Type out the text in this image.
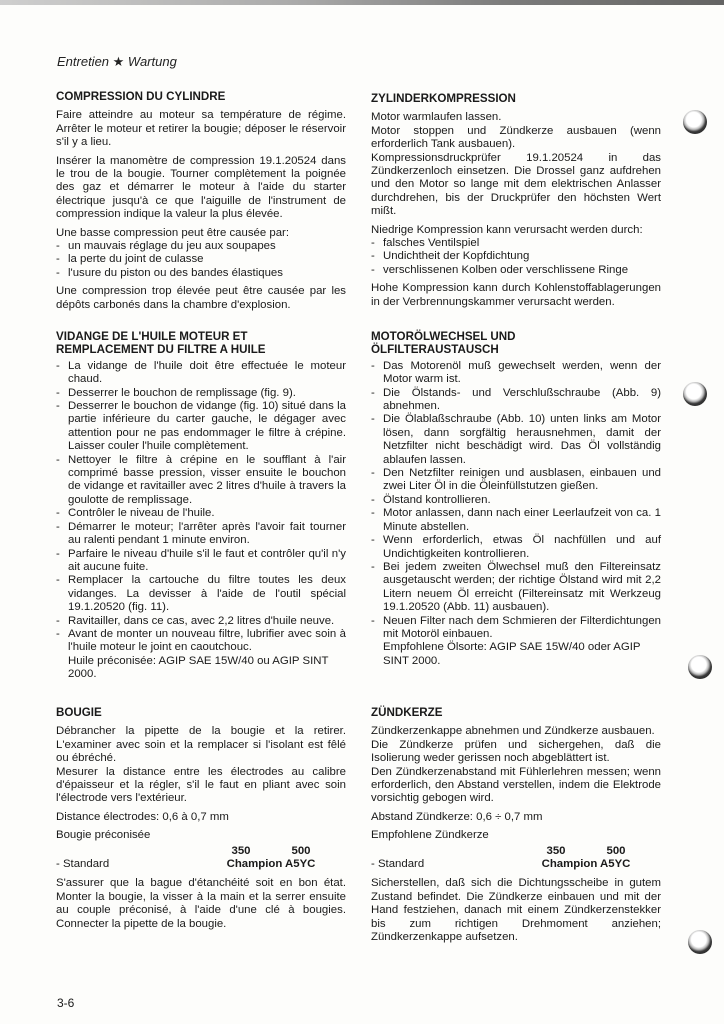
Entretien ★ Wartung
COMPRESSION DU CYLINDRE

Faire atteindre au moteur sa température de régime. Arrêter le moteur et retirer la bougie; déposer le réservoir s'il y a lieu.

Insérer la manomètre de compression 19.1.20524 dans le trou de la bougie. Tourner complètement la poignée des gaz et démarrer le moteur à l'aide du starter électrique jusqu'à ce que l'aiguille de l'instrument de compression indique la valeur la plus élevée.

Une basse compression peut être causée par:

- un mauvais réglage du jeu aux soupapes
- la perte du joint de culasse
- l'usure du piston ou des bandes élastiques

Une compression trop élevée peut être causée par les dépôts carbonés dans la chambre d'explosion.

ZYLINDERKOMPRESSION

Motor warmlaufen lassen.

Motor stoppen und Zündkerze ausbauen (wenn erforderlich Tank ausbauen).

Kompressionsdruckprüfer 19.1.20524 in das Zündkerzenloch einsetzen. Die Drossel ganz aufdrehen und den Motor so lange mit dem elektrischen Anlasser durchdrehen, bis der Druckprüfer den höchsten Wert mißt.

Niedrige Kompression kann verursacht werden durch:

- falsches Ventilspiel
- Undichtheit der Kopfdichtung
- verschlissenen Kolben oder verschlissene Ringe

Hohe Kompression kann durch Kohlenstoffablagerungen in der Verbrennungskammer verursacht werden.

VIDANGE DE L'HUILE MOTEUR ET
REMPLACEMENT DU FILTRE A HUILE
- La vidange de l'huile doit être effectuée le moteur chaud.
- Desserrer le bouchon de remplissage (fig. 9).
- Desserrer le bouchon de vidange (fig. 10) situé dans la partie inférieure du carter gauche, le dégager avec attention pour ne pas endommager le filtre à crépine. Laisser couler l'huile complètement.
- Nettoyer le filtre à crépine en le soufflant à l'air comprimé basse pression, visser ensuite le bouchon de vidange et ravitailler avec 2 litres d'huile à travers la goulotte de remplissage.
- Contrôler le niveau de l'huile.
- Démarrer le moteur; l'arrêter après l'avoir fait tourner au ralenti pendant 1 minute environ.
- Parfaire le niveau d'huile s'il le faut et contrôler qu'il n'y ait aucune fuite.
- Remplacer la cartouche du filtre toutes les deux vidanges. La devisser à l'aide de l'outil spécial 19.1.20520 (fig. 11).
- Ravitailler, dans ce cas, avec 2,2 litres d'huile neuve.
- Avant de monter un nouveau filtre, lubrifier avec soin à l'huile moteur le joint en caoutchouc.
Huile préconisée: AGIP SAE 15W/40 ou AGIP SINT 2000.
MOTORÖLWECHSEL UND
ÖLFILTERAUSTAUSCH
- Das Motorenöl muß gewechselt werden, wenn der Motor warm ist.
- Die Ölstands- und Verschlußschraube (Abb. 9) abnehmen.
- Die Ölablaßschraube (Abb. 10) unten links am Motor lösen, dann sorgfältig herausnehmen, damit der Netzfilter nicht beschädigt wird. Das Öl vollständig ablaufen lassen.
- Den Netzfilter reinigen und ausblasen, einbauen und zwei Liter Öl in die Öleinfüllstutzen gießen.
- Ölstand kontrollieren.
- Motor anlassen, dann nach einer Leerlaufzeit von ca. 1 Minute abstellen.
- Wenn erforderlich, etwas Öl nachfüllen und auf Undichtigkeiten kontrollieren.
- Bei jedem zweiten Ölwechsel muß den Filtereinsatz ausgetauscht werden; der richtige Ölstand wird mit 2,2 Litern neuem Öl erreicht (Filtereinsatz mit Werkzeug 19.1.20520 (Abb. 11) ausbauen).
- Neuen Filter nach dem Schmieren der Filterdichtungen mit Motoröl einbauen.
Empfohlene Ölsorte: AGIP SAE 15W/40 oder AGIP SINT 2000.
BOUGIE

Débrancher la pipette de la bougie et la retirer. L'examiner avec soin et la remplacer si l'isolant est fêlé ou ébréché.

Mesurer la distance entre les électrodes au calibre d'épaisseur et la régler, s'il le faut en pliant avec soin l'électrode vers l'extérieur.

Distance électrodes: 0,6 à 0,7 mm

Bougie préconisée

350	500
- Standard	Champion A5YC

S'assurer que la bague d'étanchéité soit en bon état. Monter la bougie, la visser à la main et la serrer ensuite au couple préconisé, à l'aide d'une clé à bougies. Connecter la pipette de la bougie.

ZÜNDKERZE

Zündkerzenkappe abnehmen und Zündkerze ausbauen.

Die Zündkerze prüfen und sichergehen, daß die Isolierung weder gerissen noch abgeblättert ist.

Den Zündkerzenabstand mit Fühlerlehren messen; wenn erforderlich, den Abstand verstellen, indem die Elektrode vorsichtig gebogen wird.

Abstand Zündkerze: 0,6 ÷ 0,7 mm

Empfohlene Zündkerze

350	500
- Standard	Champion A5YC

Sicherstellen, daß sich die Dichtungsscheibe in gutem Zustand befindet. Die Zündkerze einbauen und mit der Hand festziehen, danach mit einem Zündkerzenstekker bis zum richtigen Drehmoment anziehen; Zündkerzenkappe aufsetzen.

3-6
